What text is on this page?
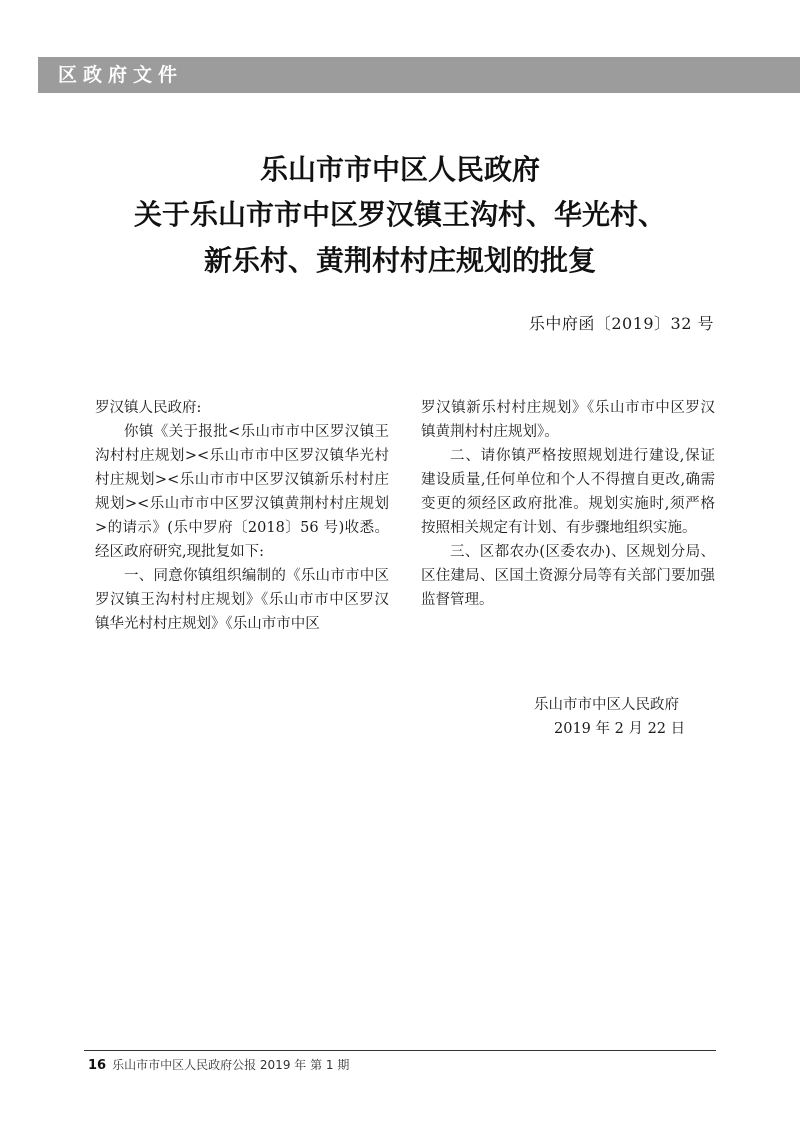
区政府文件
乐山市市中区人民政府
关于乐山市市中区罗汉镇王沟村、华光村、
新乐村、黄荆村村庄规划的批复
乐中府函〔2019〕32 号

罗汉镇人民政府:

你镇《关于报批<乐山市市中区罗汉镇王沟村村庄规划><乐山市市中区罗汉镇华光村村庄规划><乐山市市中区罗汉镇新乐村村庄规划><乐山市市中区罗汉镇黄荆村村庄规划>的请示》(乐中罗府〔2018〕56 号)收悉。经区政府研究,现批复如下:

一、同意你镇组织编制的《乐山市市中区罗汉镇王沟村村庄规划》《乐山市市中区罗汉镇华光村村庄规划》《乐山市市中区

罗汉镇新乐村村庄规划》《乐山市市中区罗汉镇黄荆村村庄规划》。

二、请你镇严格按照规划进行建设,保证建设质量,任何单位和个人不得擅自更改,确需变更的须经区政府批准。规划实施时,须严格按照相关规定有计划、有步骤地组织实施。

三、区都农办(区委农办)、区规划分局、区住建局、区国土资源分局等有关部门要加强监督管理。

乐山市市中区人民政府
2019 年 2 月 22 日
16 乐山市市中区人民政府公报 2019 年 第 1 期
